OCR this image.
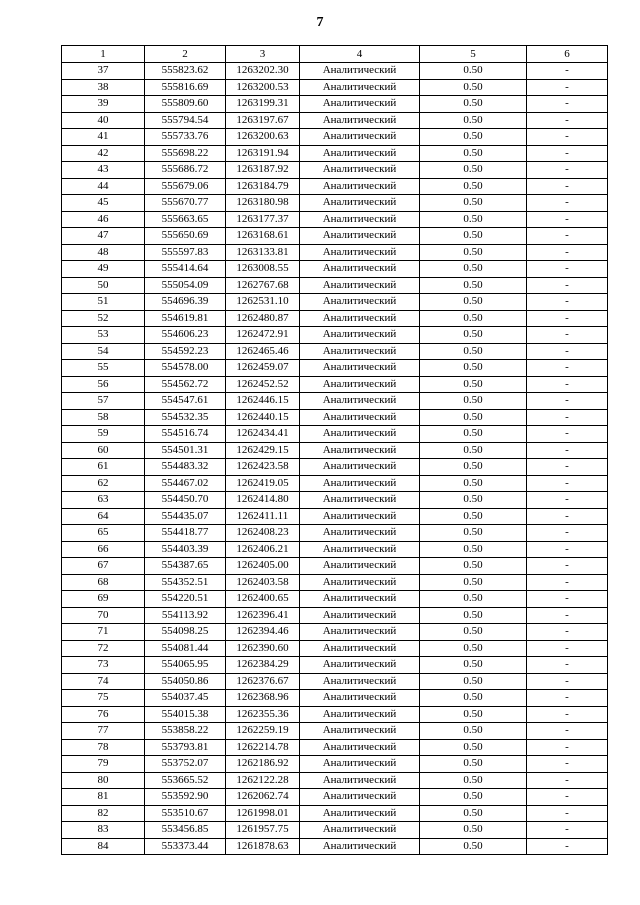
7
1	2	3	4	5	6
37	555823.62	1263202.30	Аналитический	0.50	-
38	555816.69	1263200.53	Аналитический	0.50	-
39	555809.60	1263199.31	Аналитический	0.50	-
40	555794.54	1263197.67	Аналитический	0.50	-
41	555733.76	1263200.63	Аналитический	0.50	-
42	555698.22	1263191.94	Аналитический	0.50	-
43	555686.72	1263187.92	Аналитический	0.50	-
44	555679.06	1263184.79	Аналитический	0.50	-
45	555670.77	1263180.98	Аналитический	0.50	-
46	555663.65	1263177.37	Аналитический	0.50	-
47	555650.69	1263168.61	Аналитический	0.50	-
48	555597.83	1263133.81	Аналитический	0.50	-
49	555414.64	1263008.55	Аналитический	0.50	-
50	555054.09	1262767.68	Аналитический	0.50	-
51	554696.39	1262531.10	Аналитический	0.50	-
52	554619.81	1262480.87	Аналитический	0.50	-
53	554606.23	1262472.91	Аналитический	0.50	-
54	554592.23	1262465.46	Аналитический	0.50	-
55	554578.00	1262459.07	Аналитический	0.50	-
56	554562.72	1262452.52	Аналитический	0.50	-
57	554547.61	1262446.15	Аналитический	0.50	-
58	554532.35	1262440.15	Аналитический	0.50	-
59	554516.74	1262434.41	Аналитический	0.50	-
60	554501.31	1262429.15	Аналитический	0.50	-
61	554483.32	1262423.58	Аналитический	0.50	-
62	554467.02	1262419.05	Аналитический	0.50	-
63	554450.70	1262414.80	Аналитический	0.50	-
64	554435.07	1262411.11	Аналитический	0.50	-
65	554418.77	1262408.23	Аналитический	0.50	-
66	554403.39	1262406.21	Аналитический	0.50	-
67	554387.65	1262405.00	Аналитический	0.50	-
68	554352.51	1262403.58	Аналитический	0.50	-
69	554220.51	1262400.65	Аналитический	0.50	-
70	554113.92	1262396.41	Аналитический	0.50	-
71	554098.25	1262394.46	Аналитический	0.50	-
72	554081.44	1262390.60	Аналитический	0.50	-
73	554065.95	1262384.29	Аналитический	0.50	-
74	554050.86	1262376.67	Аналитический	0.50	-
75	554037.45	1262368.96	Аналитический	0.50	-
76	554015.38	1262355.36	Аналитический	0.50	-
77	553858.22	1262259.19	Аналитический	0.50	-
78	553793.81	1262214.78	Аналитический	0.50	-
79	553752.07	1262186.92	Аналитический	0.50	-
80	553665.52	1262122.28	Аналитический	0.50	-
81	553592.90	1262062.74	Аналитический	0.50	-
82	553510.67	1261998.01	Аналитический	0.50	-
83	553456.85	1261957.75	Аналитический	0.50	-
84	553373.44	1261878.63	Аналитический	0.50	-
